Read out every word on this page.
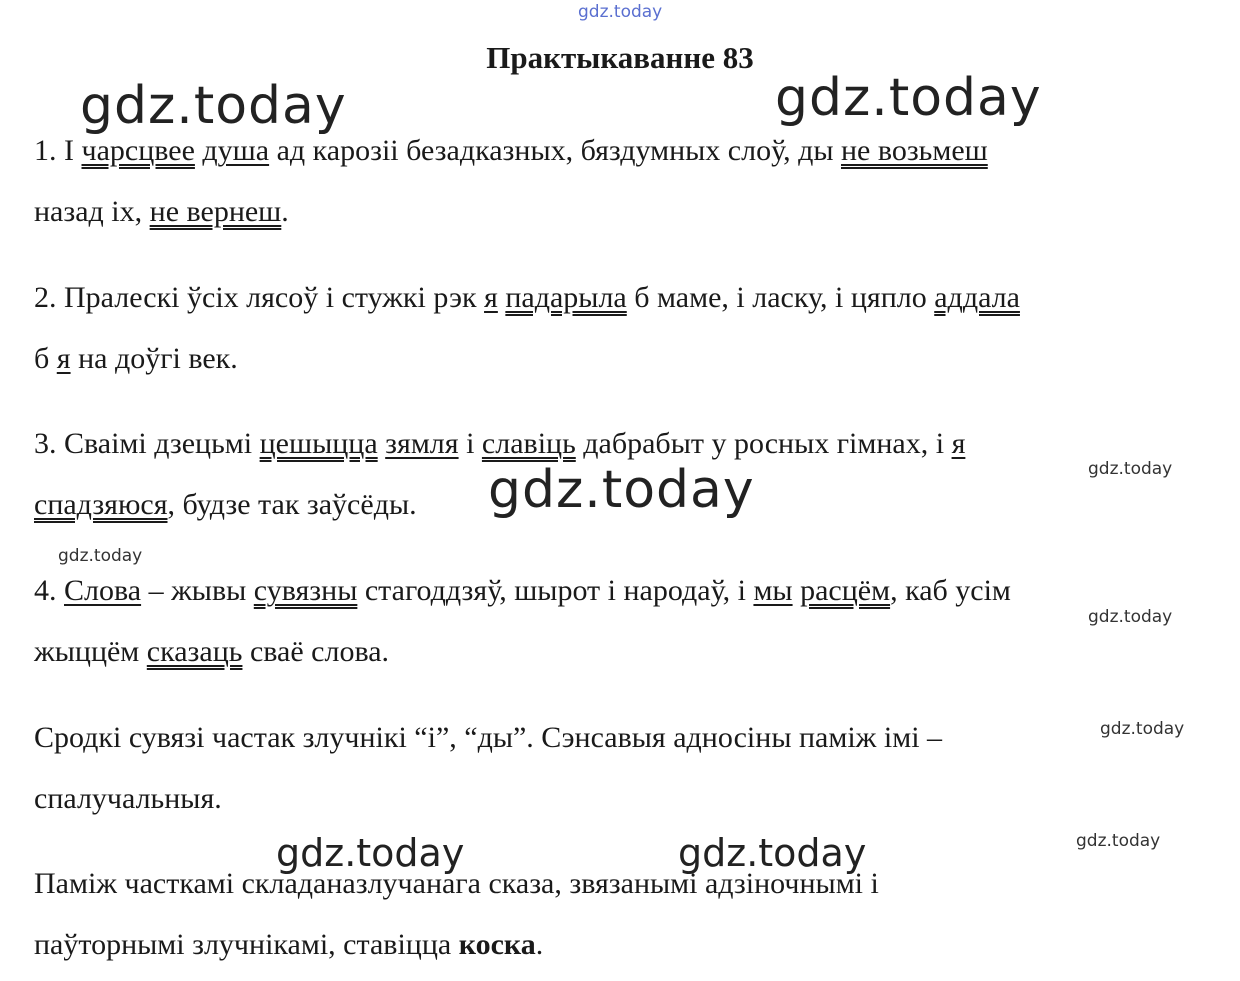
gdz.today
Практыкаванне 83
1. І чарсцвее душа ад карозіі безадказных, бяздумных слоў, ды не возьмеш
назад іх, не вернеш.
2. Пралескі ўсіх лясоў і стужкі рэк я падарыла б маме, і ласку, і цяпло аддала
б я на доўгі век.
3. Сваімі дзецьмі цешыцца зямля і славіць дабрабыт у росных гімнах, і я
спадзяюся, будзе так заўсёды.
4. Слова – жывы сувязны стагоддзяў, шырот і народаў, і мы расцём, каб усім
жыццём сказаць сваё слова.
Сродкі сувязі частак злучнікі “і”, “ды”. Сэнсавыя адносіны паміж імі –
спалучальныя.
Паміж часткамі складаназлучанага сказа, звязанымі адзіночнымі і
паўторнымі злучнікамі, ставіцца коска.
gdz.today	gdz.today
gdz.today
gdz.today	gdz.today
gdz.today
gdz.today
gdz.today
gdz.today
gdz.today
